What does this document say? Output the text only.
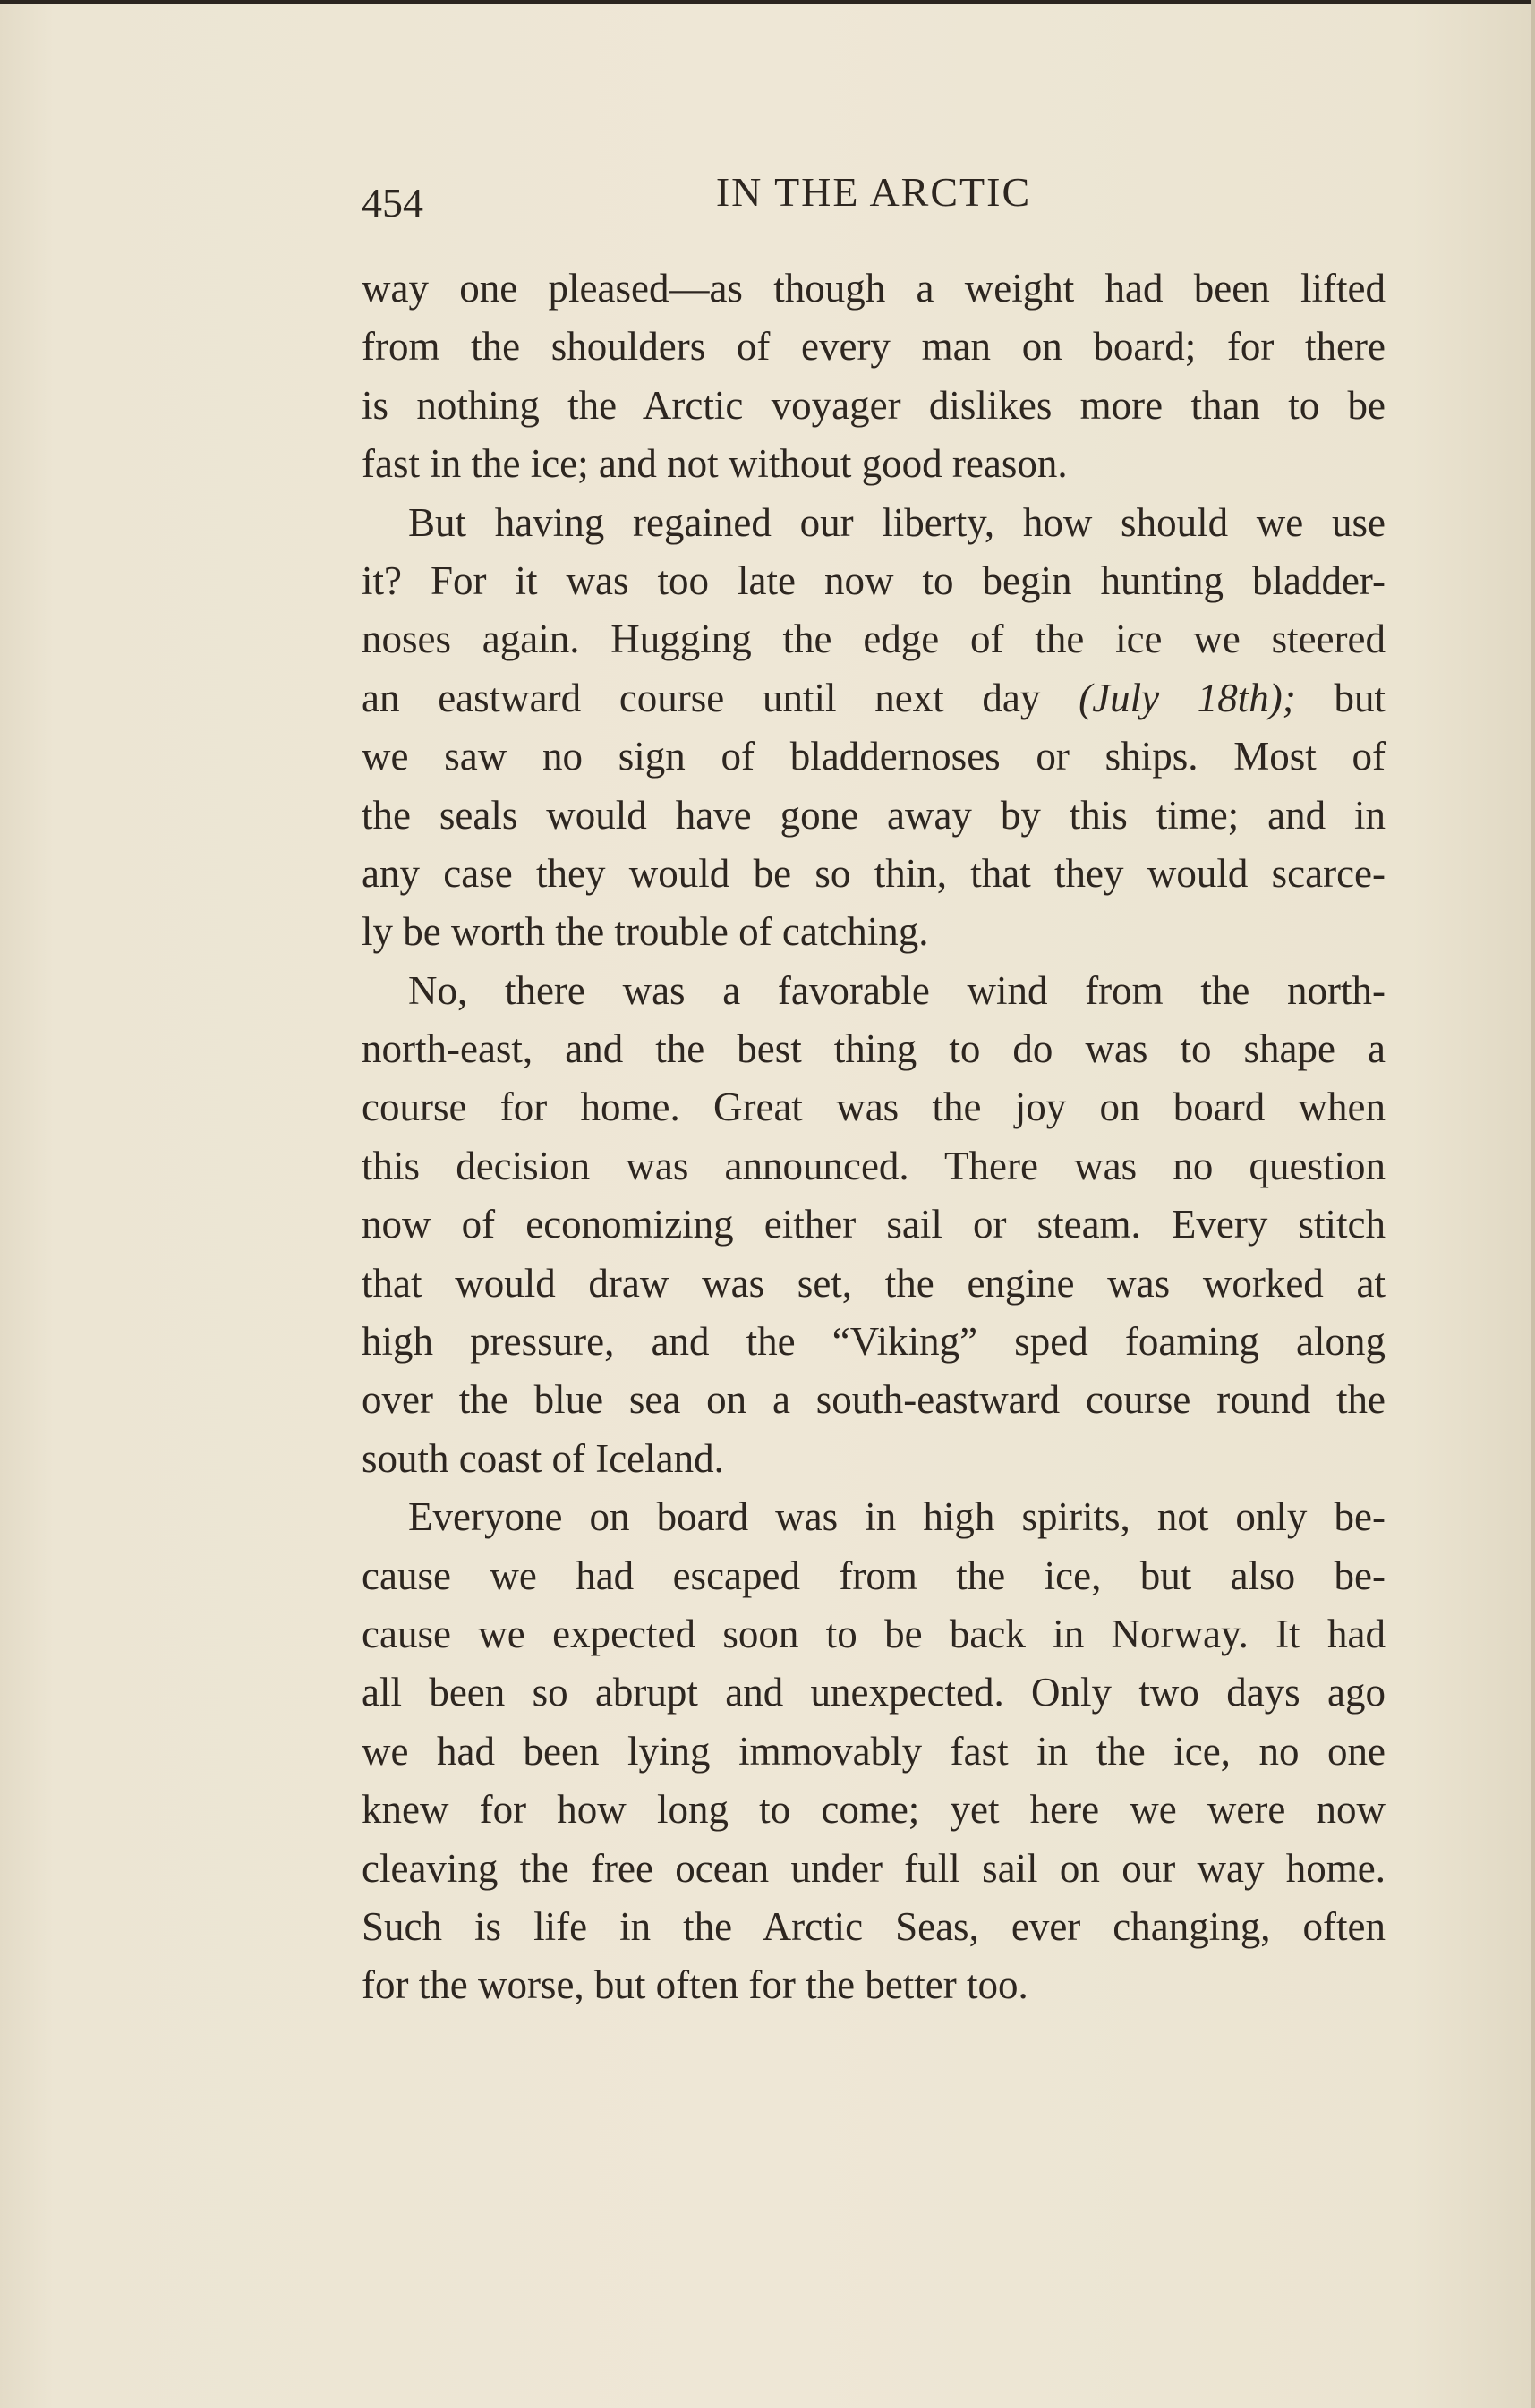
454	IN THE ARCTIC
way one pleased—as though a weight had been lifted
from the shoulders of every man on board; for there
is nothing the Arctic voyager dislikes more than to be
fast in the ice; and not without good reason.
But having regained our liberty, how should we use
it? For it was too late now to begin hunting bladder-
noses again. Hugging the edge of the ice we steered
an eastward course until next day (July 18th); but
we saw no sign of bladdernoses or ships. Most of
the seals would have gone away by this time; and in
any case they would be so thin, that they would scarce-
ly be worth the trouble of catching.
No, there was a favorable wind from the north-
north-east, and the best thing to do was to shape a
course for home. Great was the joy on board when
this decision was announced. There was no question
now of economizing either sail or steam. Every stitch
that would draw was set, the engine was worked at
high pressure, and the “Viking” sped foaming along
over the blue sea on a south-eastward course round the
south coast of Iceland.
Everyone on board was in high spirits, not only be-
cause we had escaped from the ice, but also be-
cause we expected soon to be back in Norway. It had
all been so abrupt and unexpected. Only two days ago
we had been lying immovably fast in the ice, no one
knew for how long to come; yet here we were now
cleaving the free ocean under full sail on our way home.
Such is life in the Arctic Seas, ever changing, often
for the worse, but often for the better too.
